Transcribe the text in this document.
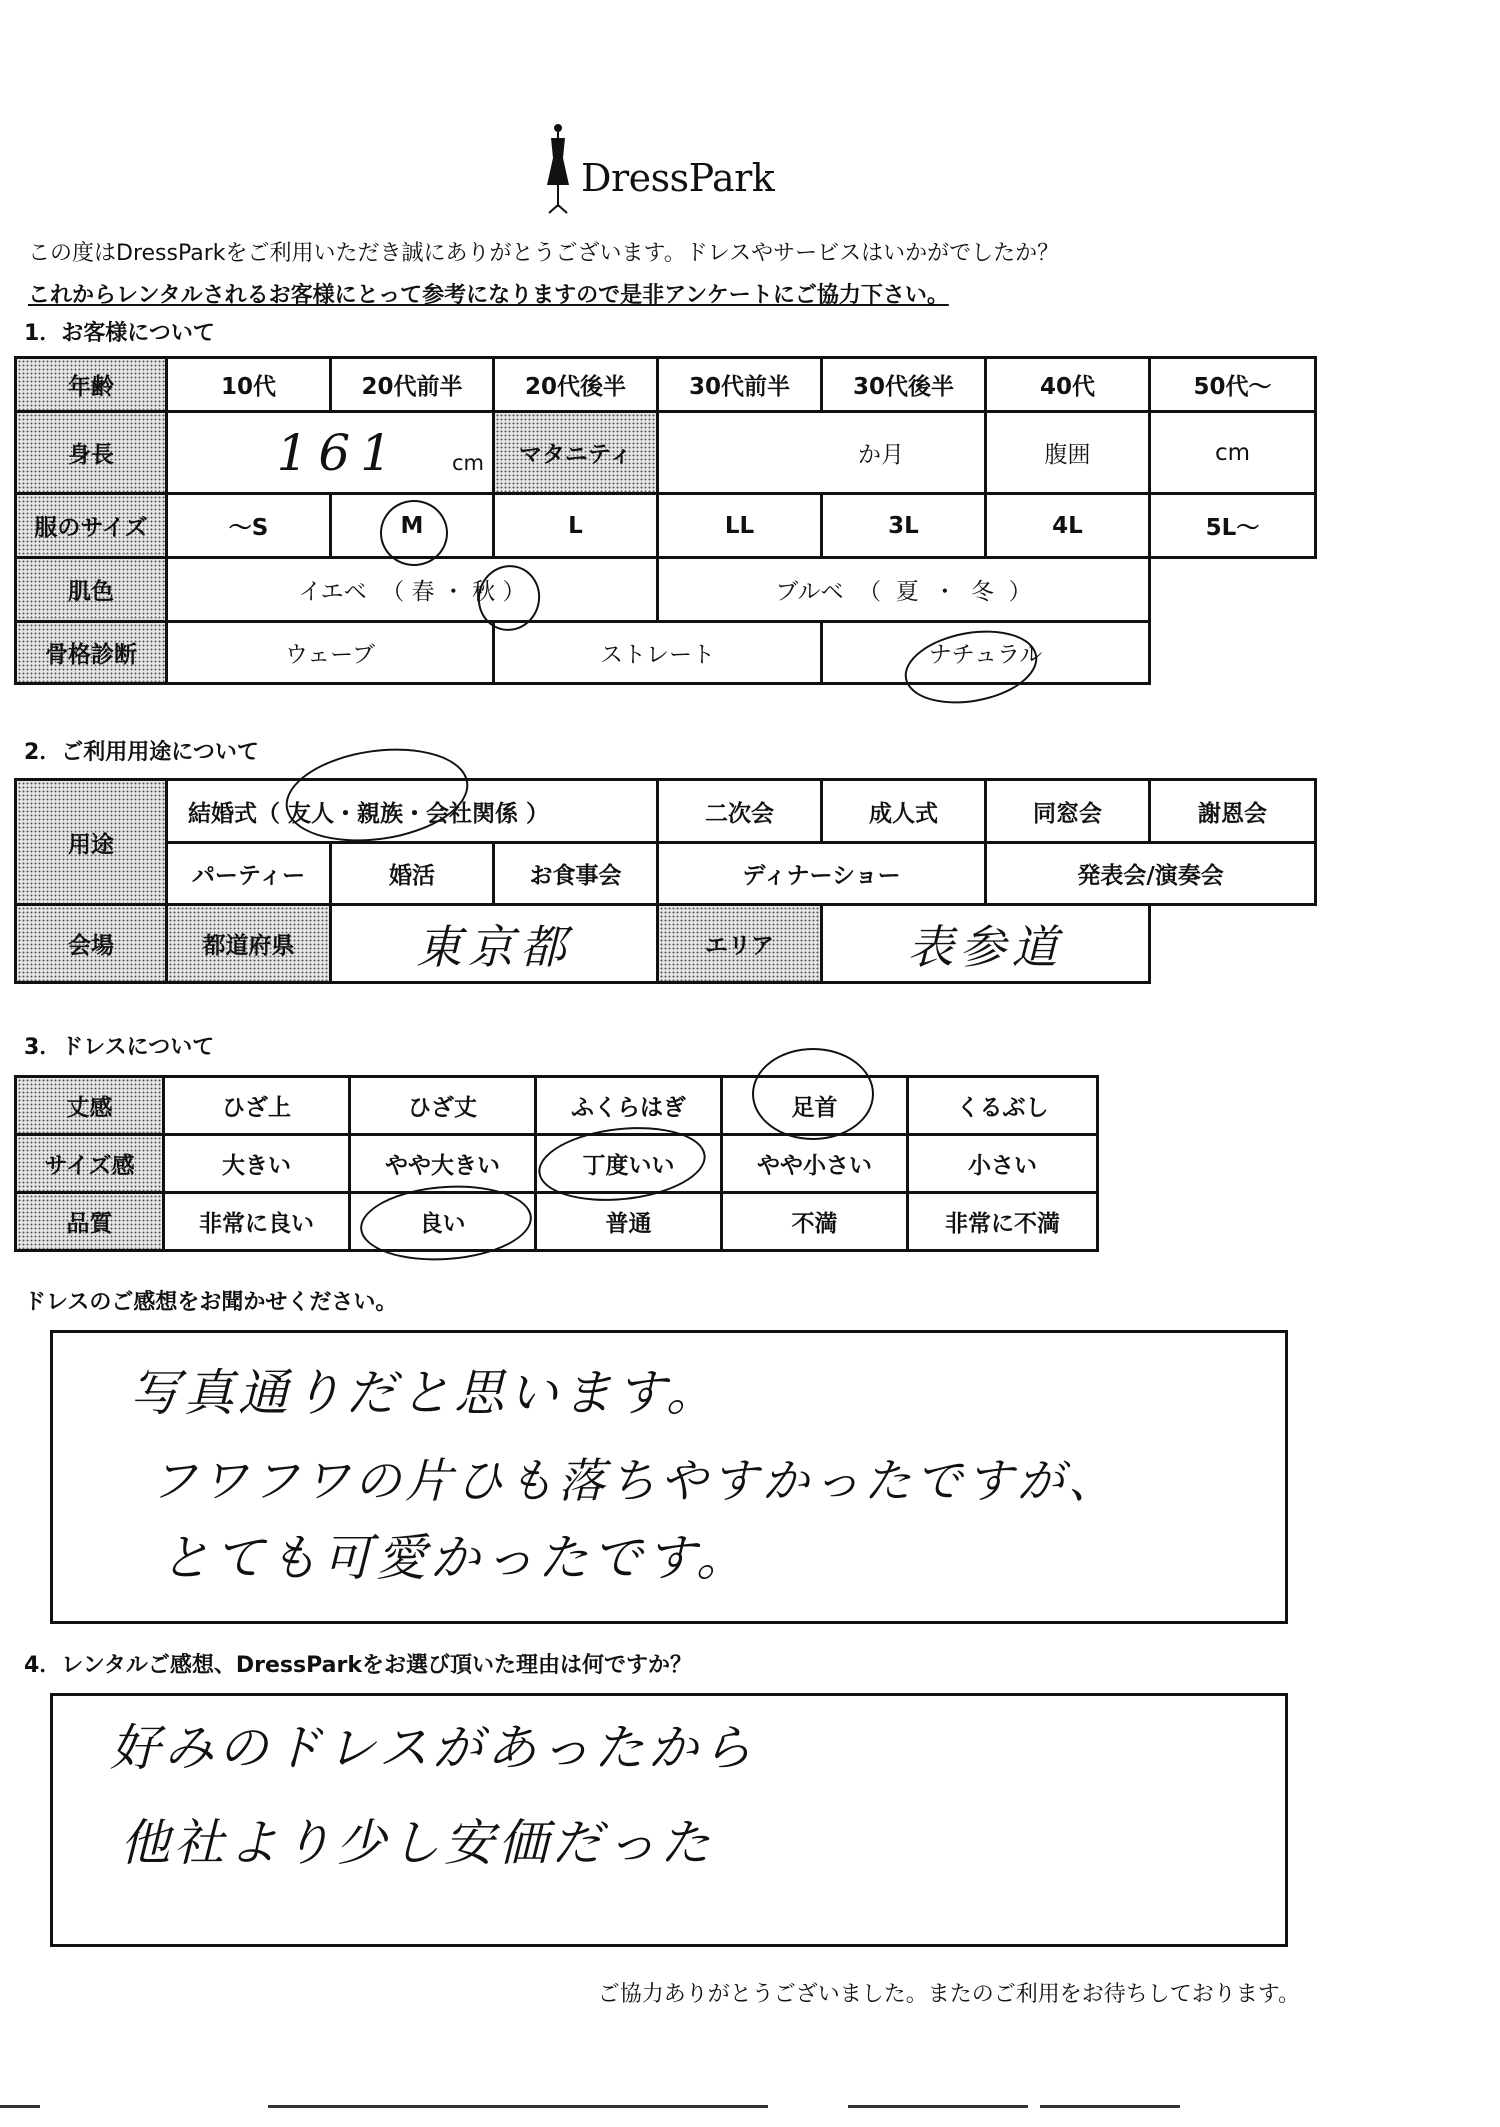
DressPark
この度はDressParkをご利用いただき誠にありがとうございます。ドレスやサービスはいかがでしたか？
これからレンタルされるお客様にとって参考になりますので是非アンケートにご協力下さい。
1．お客様について
年齢	10代	20代前半	20代後半	30代前半	30代後半	40代	50代～
身長	161 cm		マタニティ	か月		腹囲	cm
服のサイズ	～S	M	L	LL	3L	4L	5L～
肌色	イエベ （ 春 ・ 秋 ）			ブルベ （ 夏 ・ 冬 ）			
骨格診断	ウェーブ		ストレート		ナチュラル		
2．ご利用用途について
用途	結婚式（ 友人・親族・会社関係 ）			二次会	成人式	同窓会	謝恩会
	パーティー	婚活	お食事会	ディナーショー		発表会/演奏会	
会場	都道府県	東京都		エリア	表参道		
3．ドレスについて
丈感	ひざ上	ひざ丈	ふくらはぎ	足首	くるぶし
サイズ感	大きい	やや大きい	丁度いい	やや小さい	小さい
品質	非常に良い	良い	普通	不満	非常に不満
ドレスのご感想をお聞かせください。
写真通りだと思います。
フワフワの片ひも落ちやすかったですが、
とても可愛かったです。
4．レンタルご感想、DressParkをお選び頂いた理由は何ですか？
好みのドレスがあったから
他社より少し安価だった
ご協力ありがとうございました。またのご利用をお待ちしております。
